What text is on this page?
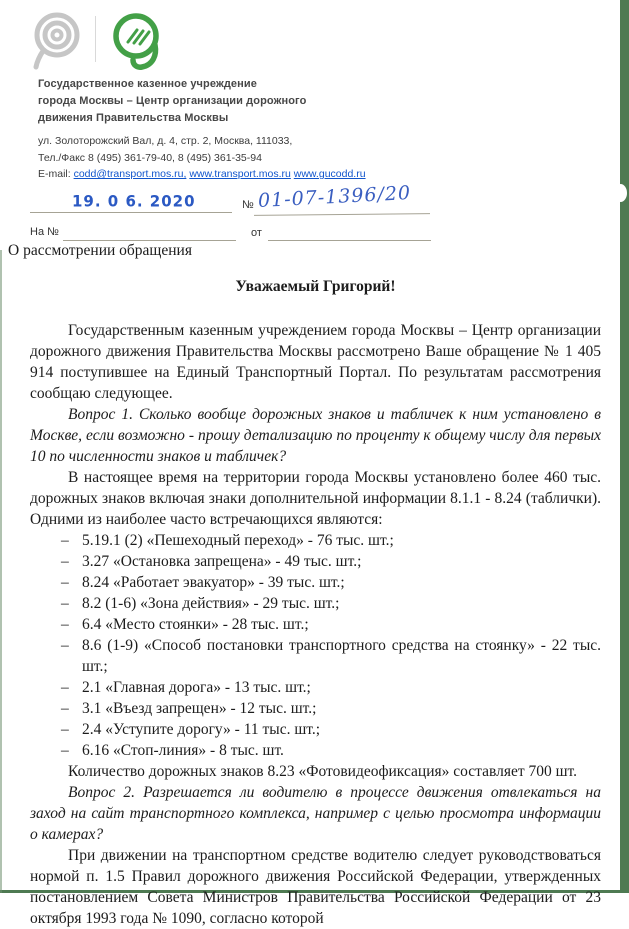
Государственное казенное учреждение
города Москвы – Центр организации дорожного
движения Правительства Москвы
ул. Золоторожский Вал, д. 4, стр. 2, Москва, 111033,
Тел./Факс 8 (495) 361-79-40, 8 (495) 361-35-94
E-mail: codd@transport.mos.ru, www.transport.mos.ru www.gucodd.ru
19. 0 6. 2020	№ 01-07-1396/20
На №	от
О рассмотрении обращения
Уважаемый Григорий!

Государственным казенным учреждением города Москвы – Центр организации дорожного движения Правительства Москвы рассмотрено Ваше обращение № 1 405 914 поступившее на Единый Транспортный Портал. По результатам рассмотрения сообщаю следующее.

Вопрос 1. Сколько вообще дорожных знаков и табличек к ним установлено в Москве, если возможно - прошу детализацию по проценту к общему числу для первых 10 по численности знаков и табличек?

В настоящее время на территории города Москвы установлено более 460 тыс. дорожных знаков включая знаки дополнительной информации 8.1.1 - 8.24 (таблички). Одними из наиболее часто встречающихся являются:

– 5.19.1 (2) «Пешеходный переход» - 76 тыс. шт.;
– 3.27 «Остановка запрещена» - 49 тыс. шт.;
– 8.24 «Работает эвакуатор» - 39 тыс. шт.;
– 8.2 (1-6) «Зона действия» - 29 тыс. шт.;
– 6.4 «Место стоянки» - 28 тыс. шт.;
– 8.6 (1-9) «Способ постановки транспортного средства на стоянку» - 22 тыс. шт.;
– 2.1 «Главная дорога» - 13 тыс. шт.;
– 3.1 «Въезд запрещен» - 12 тыс. шт.;
– 2.4 «Уступите дорогу» - 11 тыс. шт.;
– 6.16 «Стоп-линия» - 8 тыс. шт.

Количество дорожных знаков 8.23 «Фотовидеофиксация» составляет 700 шт.

Вопрос 2. Разрешается ли водителю в процессе движения отвлекаться на заход на сайт транспортного комплекса, например с целью просмотра информации о камерах?

При движении на транспортном средстве водителю следует руководствоваться нормой п. 1.5 Правил дорожного движения Российской Федерации, утвержденных постановлением Совета Министров Правительства Российской Федерации от 23 октября 1993 года № 1090, согласно которой
